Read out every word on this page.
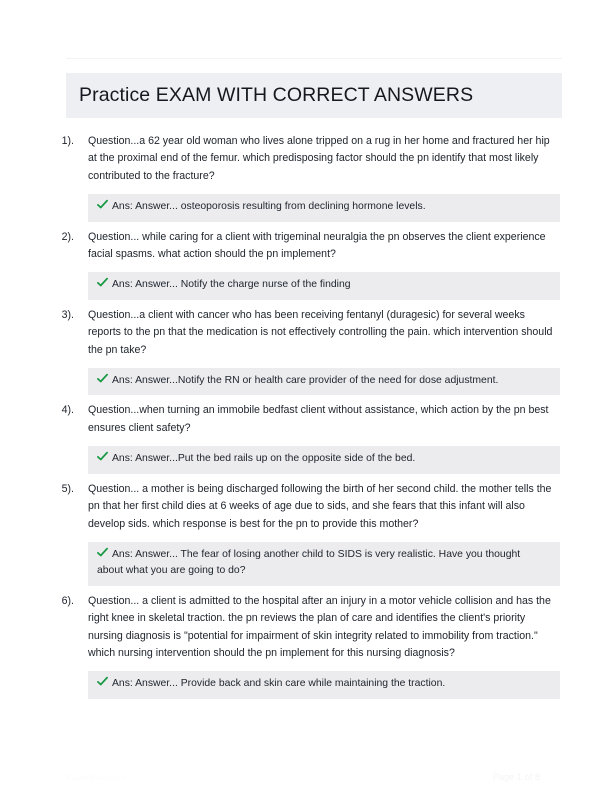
Practice EXAM WITH CORRECT ANSWERS
1).	Question...a 62 year old woman who lives alone tripped on a rug in her home and fractured her hip at the proximal end of the femur. which predisposing factor should the pn identify that most likely contributed to the fracture?
Ans: Answer... osteoporosis resulting from declining hormone levels.
2).	Question... while caring for a client with trigeminal neuralgia the pn observes the client experience facial spasms. what action should the pn implement?
Ans: Answer... Notify the charge nurse of the finding
3).	Question...a client with cancer who has been receiving fentanyl (duragesic) for several weeks reports to the pn that the medication is not effectively controlling the pain. which intervention should the pn take?
Ans: Answer...Notify the RN or health care provider of the need for dose adjustment.
4).	Question...when turning an immobile bedfast client without assistance, which action by the pn best ensures client safety?
Ans: Answer...Put the bed rails up on the opposite side of the bed.
5).	Question... a mother is being discharged following the birth of her second child. the mother tells the pn that her first child dies at 6 weeks of age due to sids, and she fears that this infant will also develop sids. which response is best for the pn to provide this mother?
Ans: Answer... The fear of losing another child to SIDS is very realistic. Have you thought about what you are going to do?
6).	Question... a client is admitted to the hospital after an injury in a motor vehicle collision and has the right knee in skeletal traction. the pn reviews the plan of care and identifies the client's priority nursing diagnosis is "potential for impairment of skin integrity related to immobility from traction." which nursing intervention should the pn implement for this nursing diagnosis?
Ans: Answer... Provide back and skin care while maintaining the traction.
PaperStoc.com	Page 1 of 8
